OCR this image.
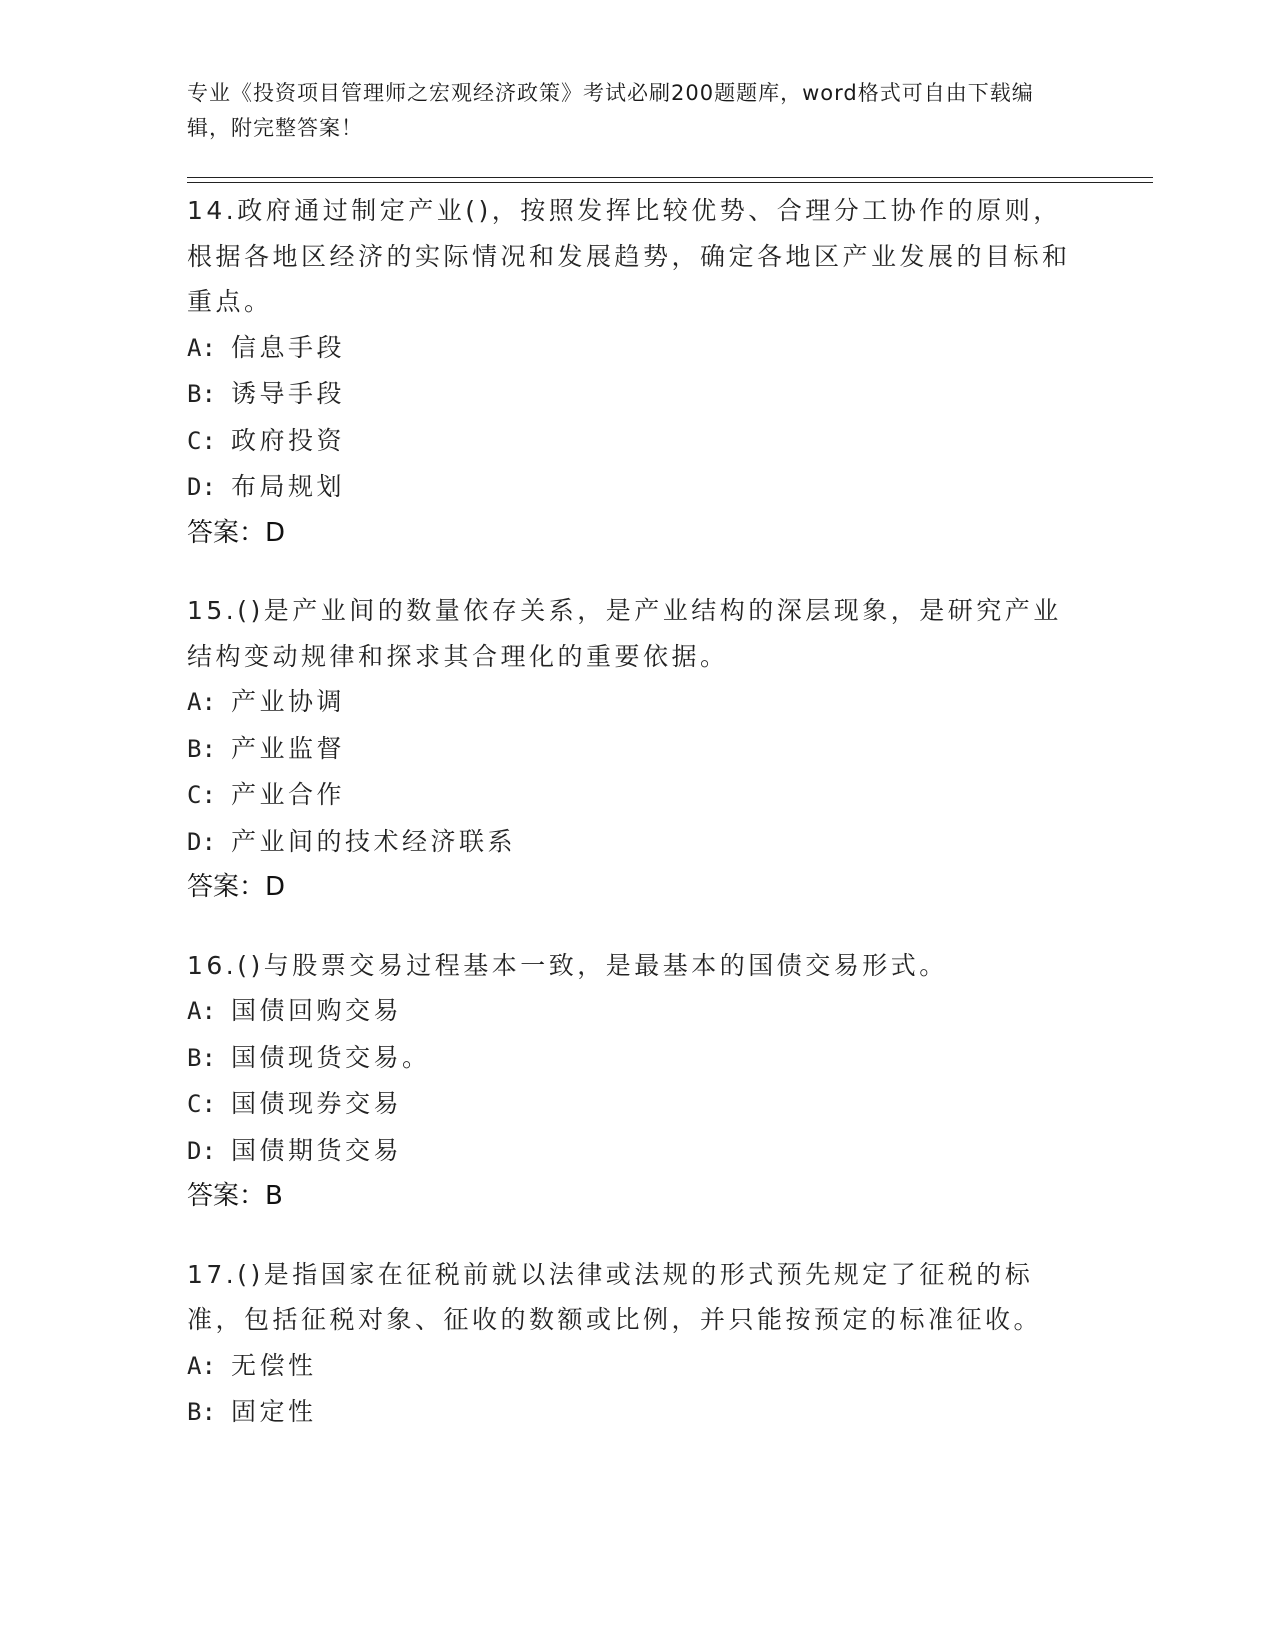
专业《投资项目管理师之宏观经济政策》考试必刷200题题库，word格式可自由下载编辑，附完整答案！
14.政府通过制定产业()，按照发挥比较优势、合理分工协作的原则，根据各地区经济的实际情况和发展趋势，确定各地区产业发展的目标和重点。
A: 信息手段
B: 诱导手段
C: 政府投资
D: 布局规划
答案：D
15.()是产业间的数量依存关系，是产业结构的深层现象，是研究产业结构变动规律和探求其合理化的重要依据。
A: 产业协调
B: 产业监督
C: 产业合作
D: 产业间的技术经济联系
答案：D
16.()与股票交易过程基本一致，是最基本的国债交易形式。
A: 国债回购交易
B: 国债现货交易。
C: 国债现券交易
D: 国债期货交易
答案：B
17.()是指国家在征税前就以法律或法规的形式预先规定了征税的标准，包括征税对象、征收的数额或比例，并只能按预定的标准征收。
A: 无偿性
B: 固定性
